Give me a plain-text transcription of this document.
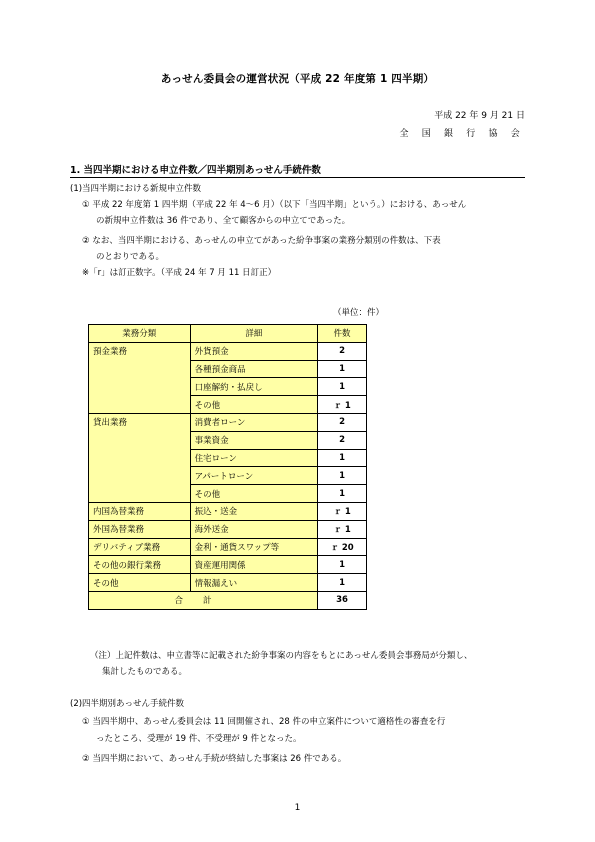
あっせん委員会の運営状況（平成 22 年度第 1 四半期）
平成 22 年 9 月 21 日
全 国 銀 行 協 会
1. 当四半期における申立件数／四半期別あっせん手続件数
(1)当四半期における新規申立件数
① 平成 22 年度第 1 四半期（平成 22 年 4～6 月）（以下「当四半期」という。）における、あっせん
の新規申立件数は 36 件であり、全て顧客からの申立てであった。
② なお、当四半期における、あっせんの申立てがあった紛争事案の業務分類別の件数は、下表
のとおりである。
※「r」は訂正数字。（平成 24 年 7 月 11 日訂正）
（単位：件）
業務分類	詳細	件数
預金業務	外貨預金	2
	各種預金商品	1
	口座解約・払戻し	1
	その他	ｒ 1
貸出業務	消費者ローン	2
	事業資金	2
	住宅ローン	1
	アパートローン	1
	その他	1
内国為替業務	振込・送金	ｒ 1
外国為替業務	海外送金	ｒ 1
デリバティブ業務	金利・通貨スワップ等	ｒ 20
その他の銀行業務	資産運用関係	1
その他	情報漏えい	1
合計		36
（注）上記件数は、申立書等に記載された紛争事案の内容をもとにあっせん委員会事務局が分類し、
集計したものである。
(2)四半期別あっせん手続件数
① 当四半期中、あっせん委員会は 11 回開催され、28 件の申立案件について適格性の審査を行
ったところ、受理が 19 件、不受理が 9 件となった。
② 当四半期において、あっせん手続が終結した事案は 26 件である。
1
